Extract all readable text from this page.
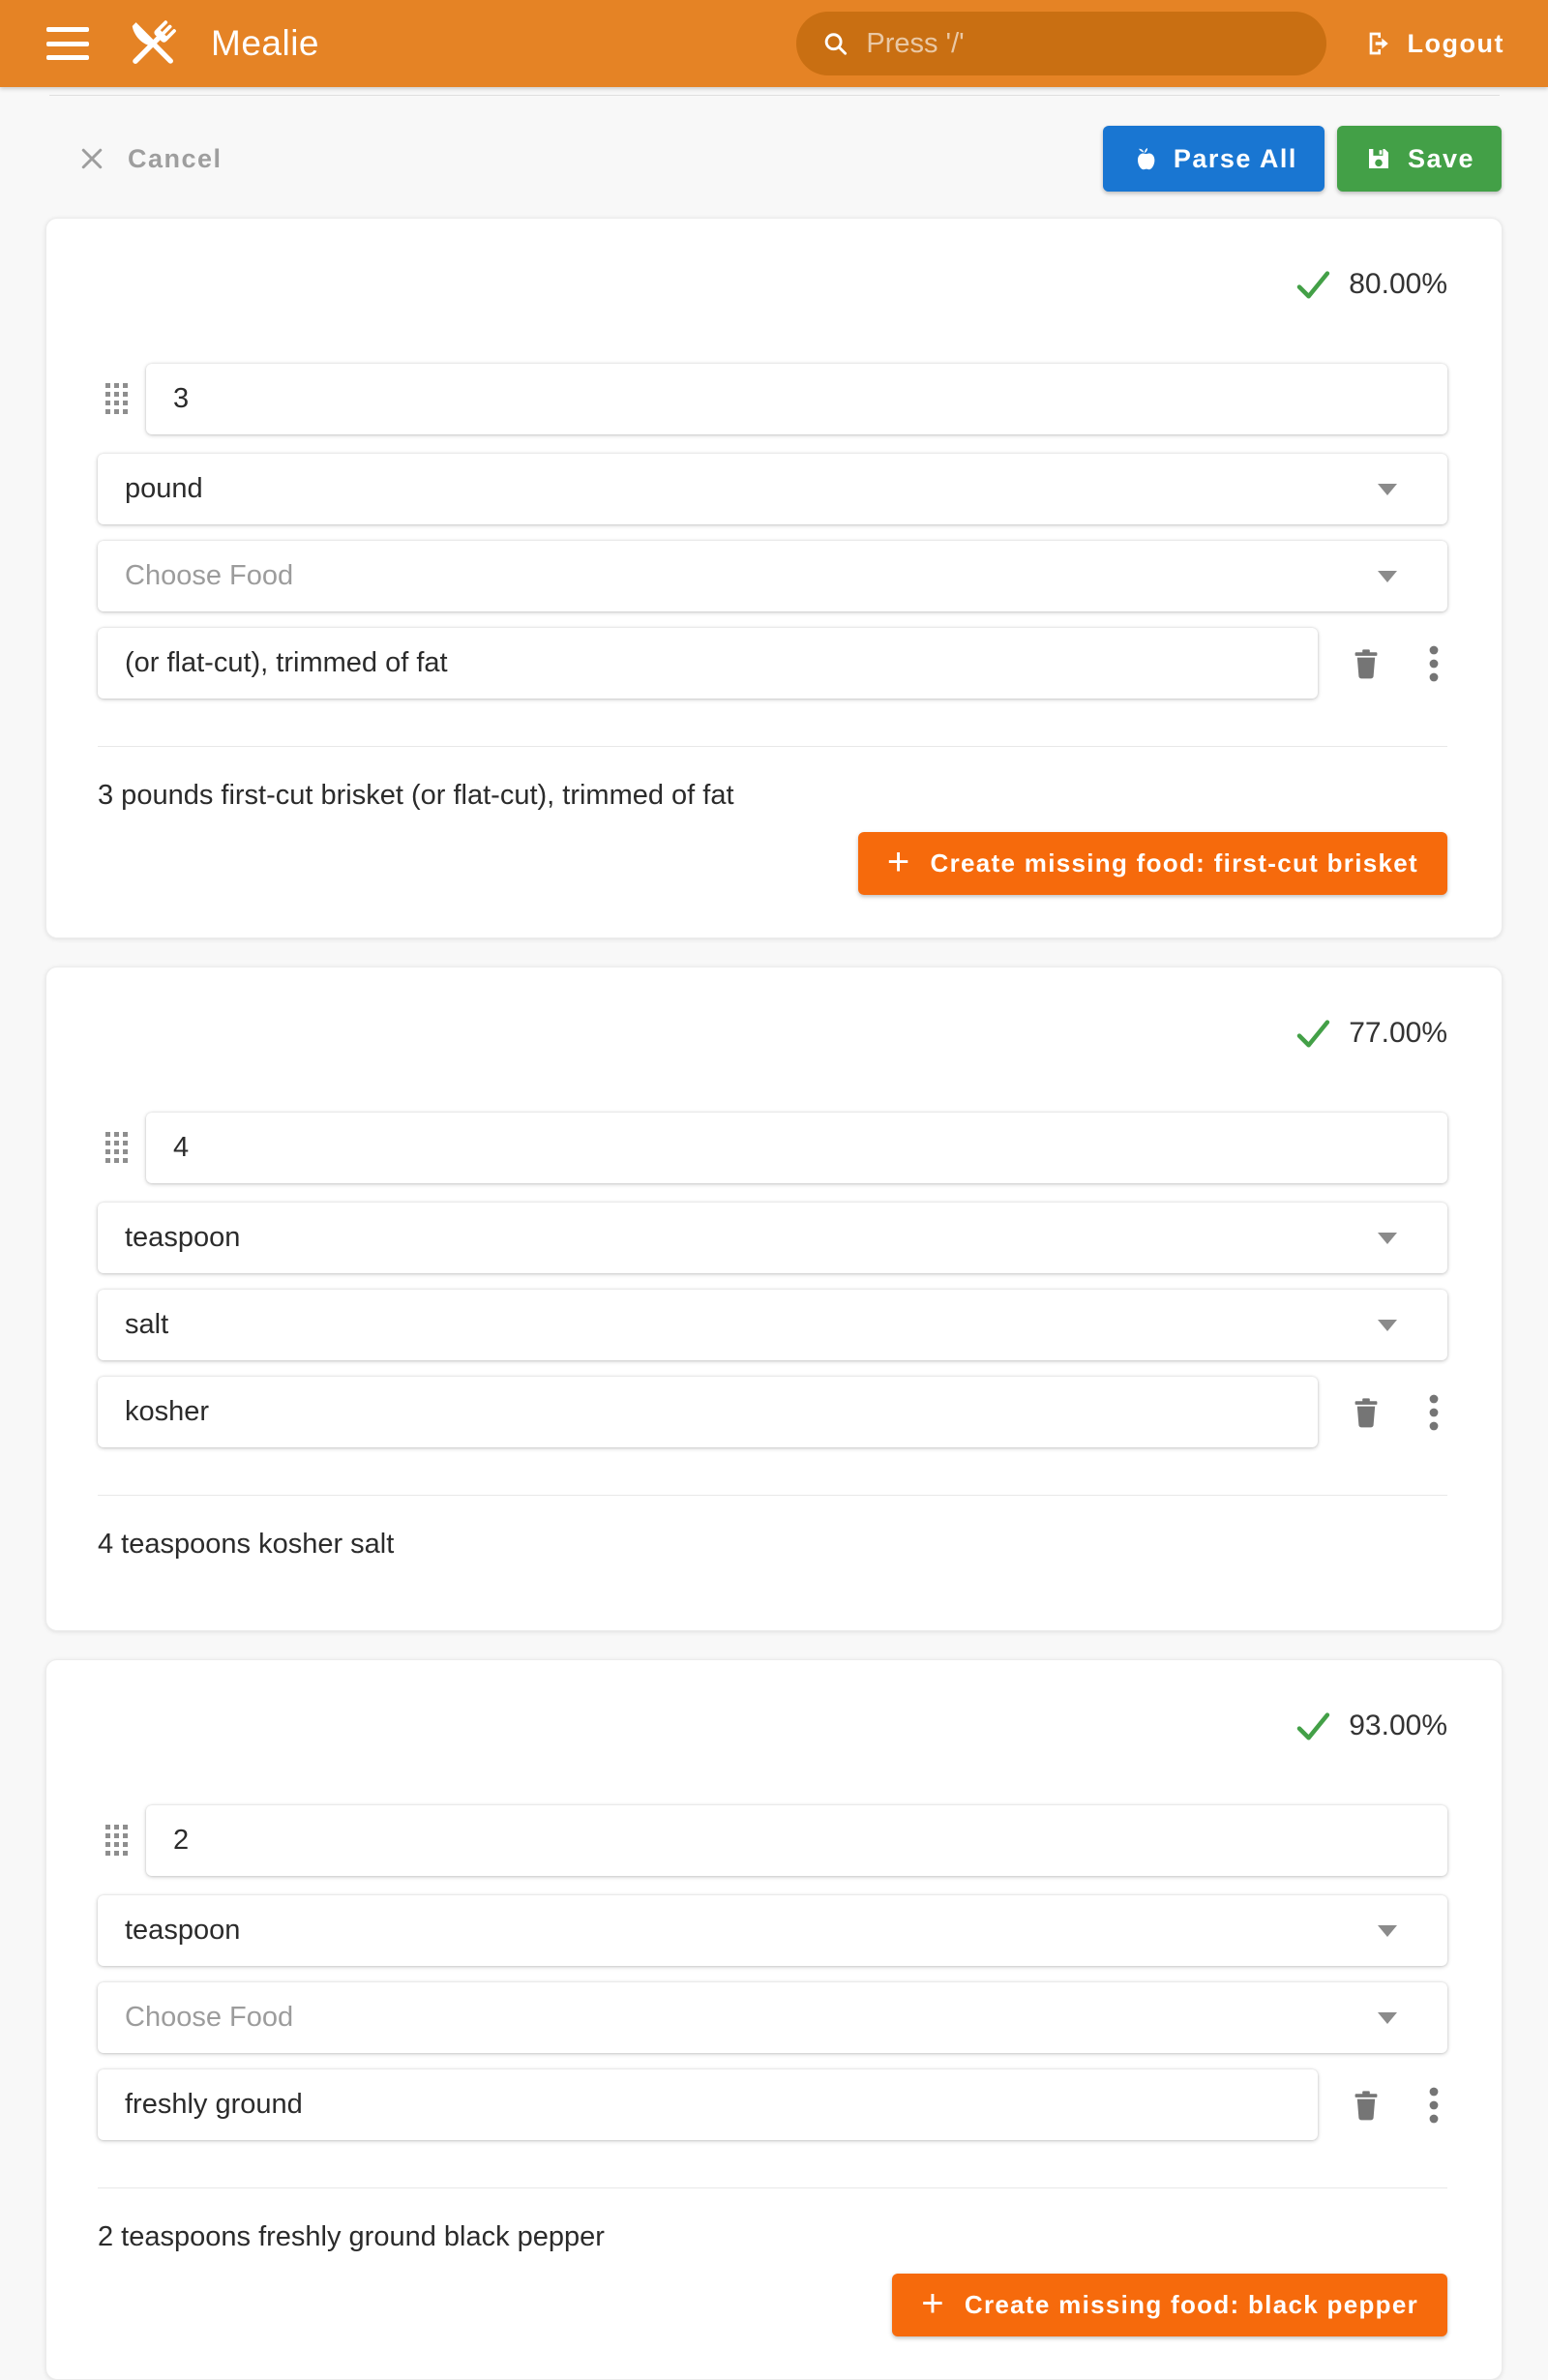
Mealie
Press '/'	Logout
Cancel	Parse All	Save
80.00%
3
pound
Choose Food
(or flat-cut), trimmed of fat
3 pounds first-cut brisket (or flat-cut), trimmed of fat
+ Create missing food: first-cut brisket
77.00%
4
teaspoon
salt
kosher
4 teaspoons kosher salt
93.00%
2
teaspoon
Choose Food
freshly ground
2 teaspoons freshly ground black pepper
+ Create missing food: black pepper
